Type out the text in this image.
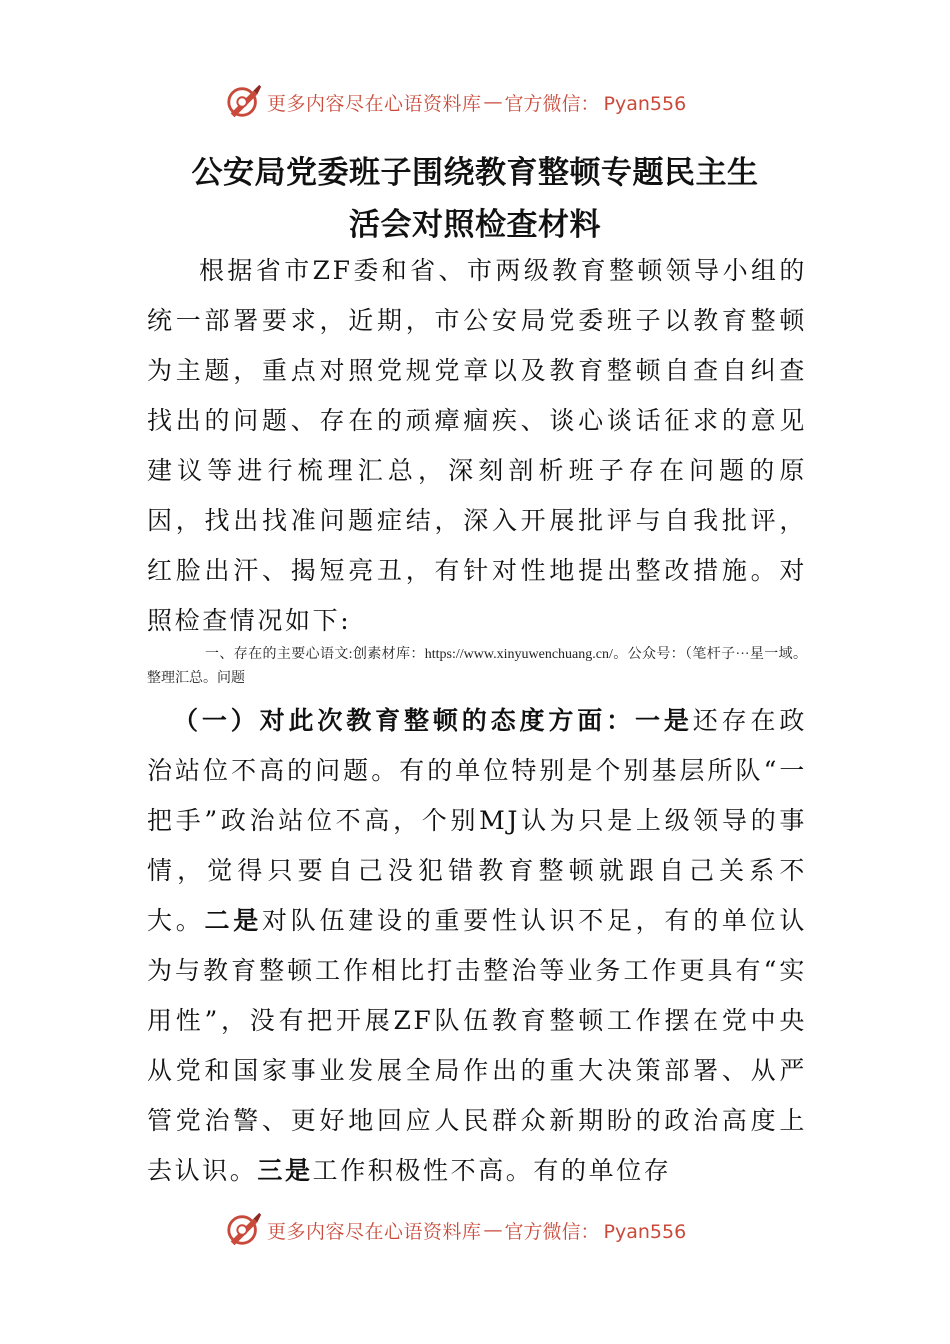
更多内容尽在心语资料库 — 官方微信： Pyan556
公安局党委班子围绕教育整顿专题民主生
活会对照检查材料
根据省市ZF委和省、市两级教育整顿领导小组的统一部署要求，近期，市公安局党委班子以教育整顿为主题，重点对照党规党章以及教育整顿自查自纠查找出的问题、存在的顽瘴痼疾、谈心谈话征求的意见建议等进行梳理汇总，深刻剖析班子存在问题的原因，找出找准问题症结，深入开展批评与自我批评，红脸出汗、揭短亮丑，有针对性地提出整改措施。对照检查情况如下:
一、存在的主要心语文:创素材库：https://www.xinyuwenchuang.cn/。公众号：（笔杆子···星一域。整理汇总。问题
（一）对此次教育整顿的态度方面：一是还存在政治站位不高的问题。有的单位特别是个别基层所队“一把手”政治站位不高，个别MJ认为只是上级领导的事情，觉得只要自己没犯错教育整顿就跟自己关系不大。二是对队伍建设的重要性认识不足，有的单位认为与教育整顿工作相比打击整治等业务工作更具有“实用性”，没有把开展ZF队伍教育整顿工作摆在党中央从党和国家事业发展全局作出的重大决策部署、从严管党治警、更好地回应人民群众新期盼的政治高度上去认识。三是工作积极性不高。有的单位存
更多内容尽在心语资料库 — 官方微信： Pyan556
